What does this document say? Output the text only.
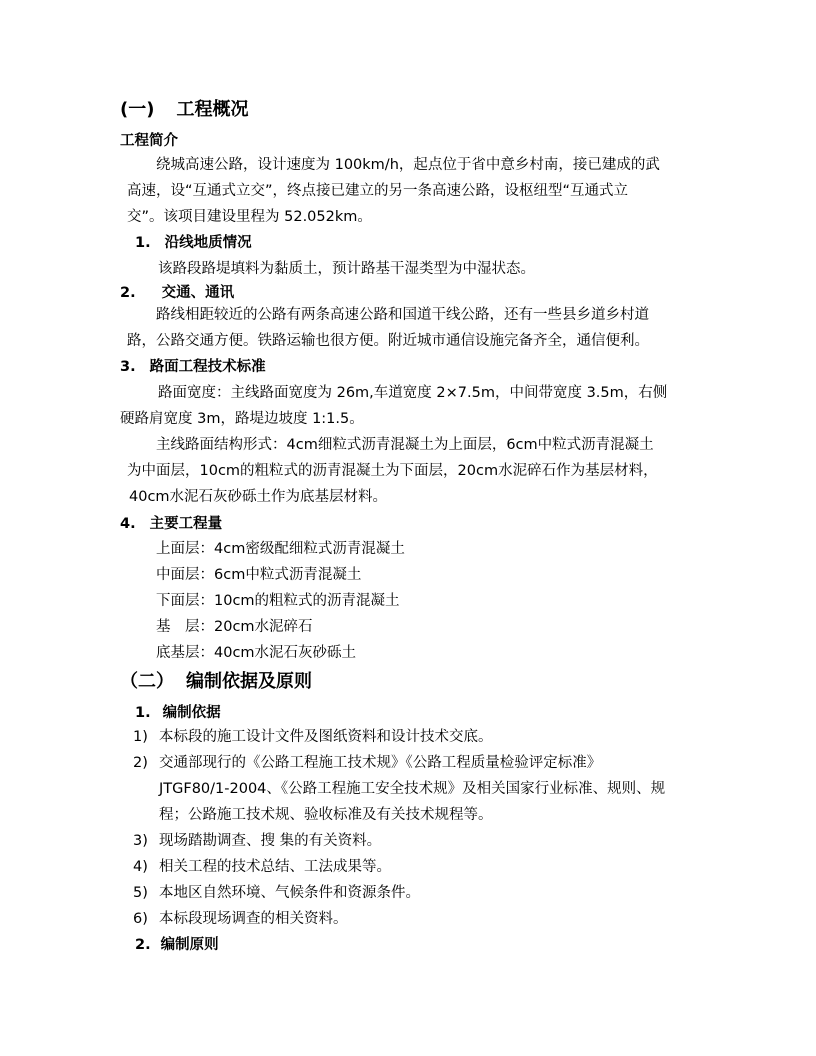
(一) 工程概况
工程简介
绕城高速公路，设计速度为 100km/h，起点位于省中意乡村南，接已建成的武
高速，设“互通式立交”，终点接已建立的另一条高速公路，设枢纽型“互通式立
交”。该项目建设里程为 52.052km。
1. 沿线地质情况
该路段路堤填料为黏质土，预计路基干湿类型为中湿状态。
2. 交通、通讯
路线相距较近的公路有两条高速公路和国道干线公路，还有一些县乡道乡村道
路，公路交通方便。铁路运输也很方便。附近城市通信设施完备齐全，通信便利。
3. 路面工程技术标准
路面宽度：主线路面宽度为 26m,车道宽度 2×7.5m，中间带宽度 3.5m，右侧
硬路肩宽度 3m，路堤边坡度 1:1.5。
主线路面结构形式：4cm细粒式沥青混凝土为上面层，6cm中粒式沥青混凝土
为中面层，10cm的粗粒式的沥青混凝土为下面层，20cm水泥碎石作为基层材料，
40cm水泥石灰砂砾土作为底基层材料。
4. 主要工程量
上面层：4cm密级配细粒式沥青混凝土
中面层：6cm中粒式沥青混凝土
下面层：10cm的粗粒式的沥青混凝土
基　层：20cm水泥碎石
底基层：40cm水泥石灰砂砾土
（二） 编制依据及原则
1. 编制依据
1) 本标段的施工设计文件及图纸资料和设计技术交底。
2) 交通部现行的《公路工程施工技术规》《公路工程质量检验评定标准》
JTGF80/1-2004、《公路工程施工安全技术规》及相关国家行业标准、规则、规
程；公路施工技术规、验收标准及有关技术规程等。
3) 现场踏勘调查、搜 集的有关资料。
4) 相关工程的技术总结、工法成果等。
5) 本地区自然环境、气候条件和资源条件。
6) 本标段现场调查的相关资料。
2. 编制原则
